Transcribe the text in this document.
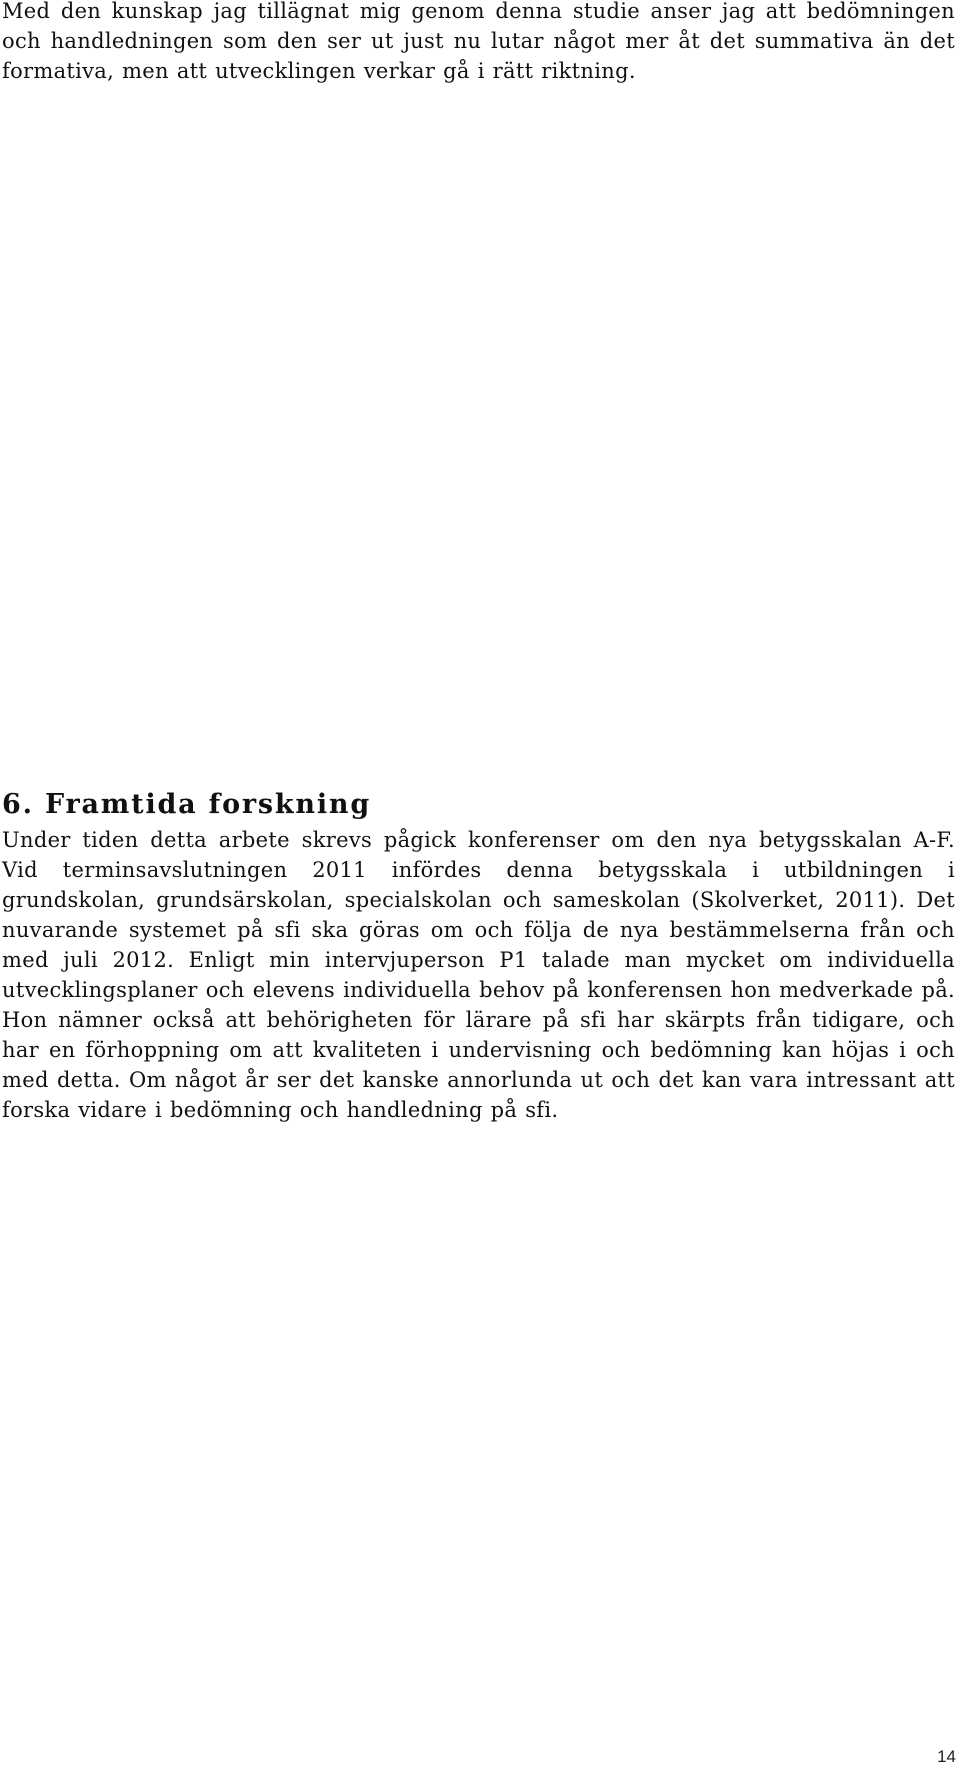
Med den kunskap jag tillägnat mig genom denna studie anser jag att bedömningen och handledningen som den ser ut just nu lutar något mer åt det summativa än det formativa, men att utvecklingen verkar gå i rätt riktning.

6. Framtida forskning

Under tiden detta arbete skrevs pågick konferenser om den nya betygsskalan A-F. Vid terminsavslutningen 2011 infördes denna betygsskala i utbildningen i grundskolan, grundsärskolan, specialskolan och sameskolan (Skolverket, 2011). Det nuvarande systemet på sfi ska göras om och följa de nya bestämmelserna från och med juli 2012. Enligt min intervjuperson P1 talade man mycket om individuella utvecklingsplaner och elevens individuella behov på konferensen hon medverkade på. Hon nämner också att behörigheten för lärare på sfi har skärpts från tidigare, och har en förhoppning om att kvaliteten i undervisning och bedömning kan höjas i och med detta. Om något år ser det kanske annorlunda ut och det kan vara intressant att forska vidare i bedömning och handledning på sfi.

14
